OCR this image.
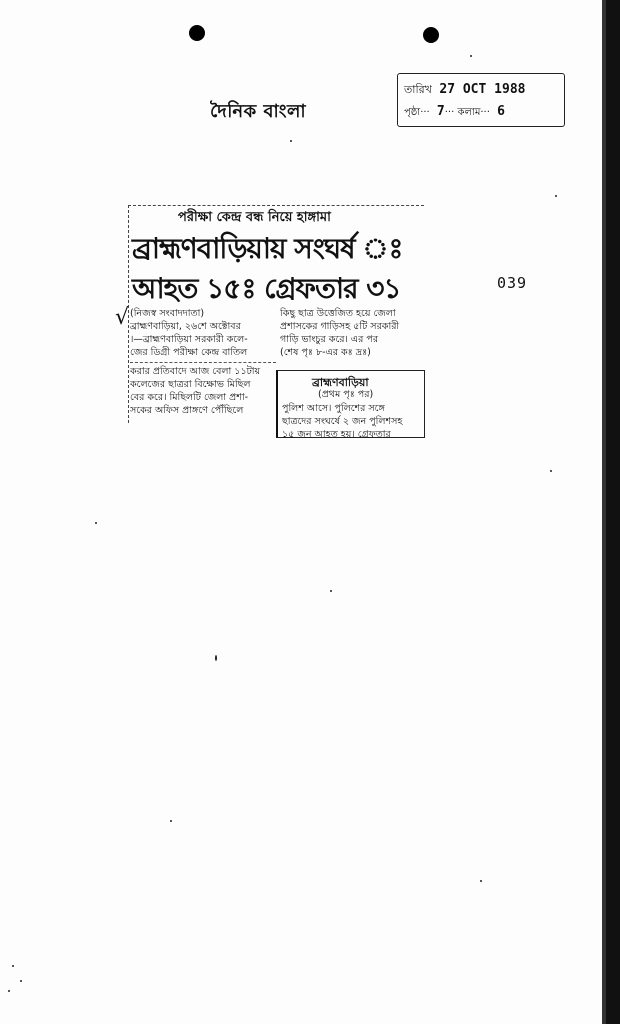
তারিখ 27 OCT 1988
পৃষ্ঠা··· 7··· কলাম··· 6
দৈনিক বাংলা
039
√
পরীক্ষা কেন্দ্র বন্ধ নিয়ে হাঙ্গামা
ব্রাহ্মণবাড়িয়ায় সংঘর্ষ ঃ
আহত ১৫ঃ গ্রেফতার ৩১
(নিজস্ব সংবাদদাতা)
ব্রাহ্মণবাড়িয়া, ২৬শে অক্টোবর
।—ব্রাহ্মণবাড়িয়া সরকারী কলে-
জের ডিগ্রী পরীক্ষা কেন্দ্র বাতিল
করার প্রতিবাদে আজ বেলা ১১টায়
কলেজের ছাত্ররা বিক্ষোভ মিছিল
বের করে। মিছিলটি জেলা প্রশা-
সকের অফিস প্রাঙ্গণে পৌঁছিলে
কিছু ছাত্র উত্তেজিত হয়ে জেলা
প্রশাসকের গাড়িসহ ৫টি সরকারী
গাড়ি ভাংচুর করে। এর পর
(শেষ পৃঃ ৮-এর কঃ দ্রঃ)
ব্রাহ্মণবাড়িয়া
(প্রথম পৃঃ পর)
পুলিশ আসে। পুলিশের সঙ্গে
ছাত্রদের সংঘর্ষে ২ জন পুলিশসহ
১৫ জন আহত হয়। গ্রেফতার
